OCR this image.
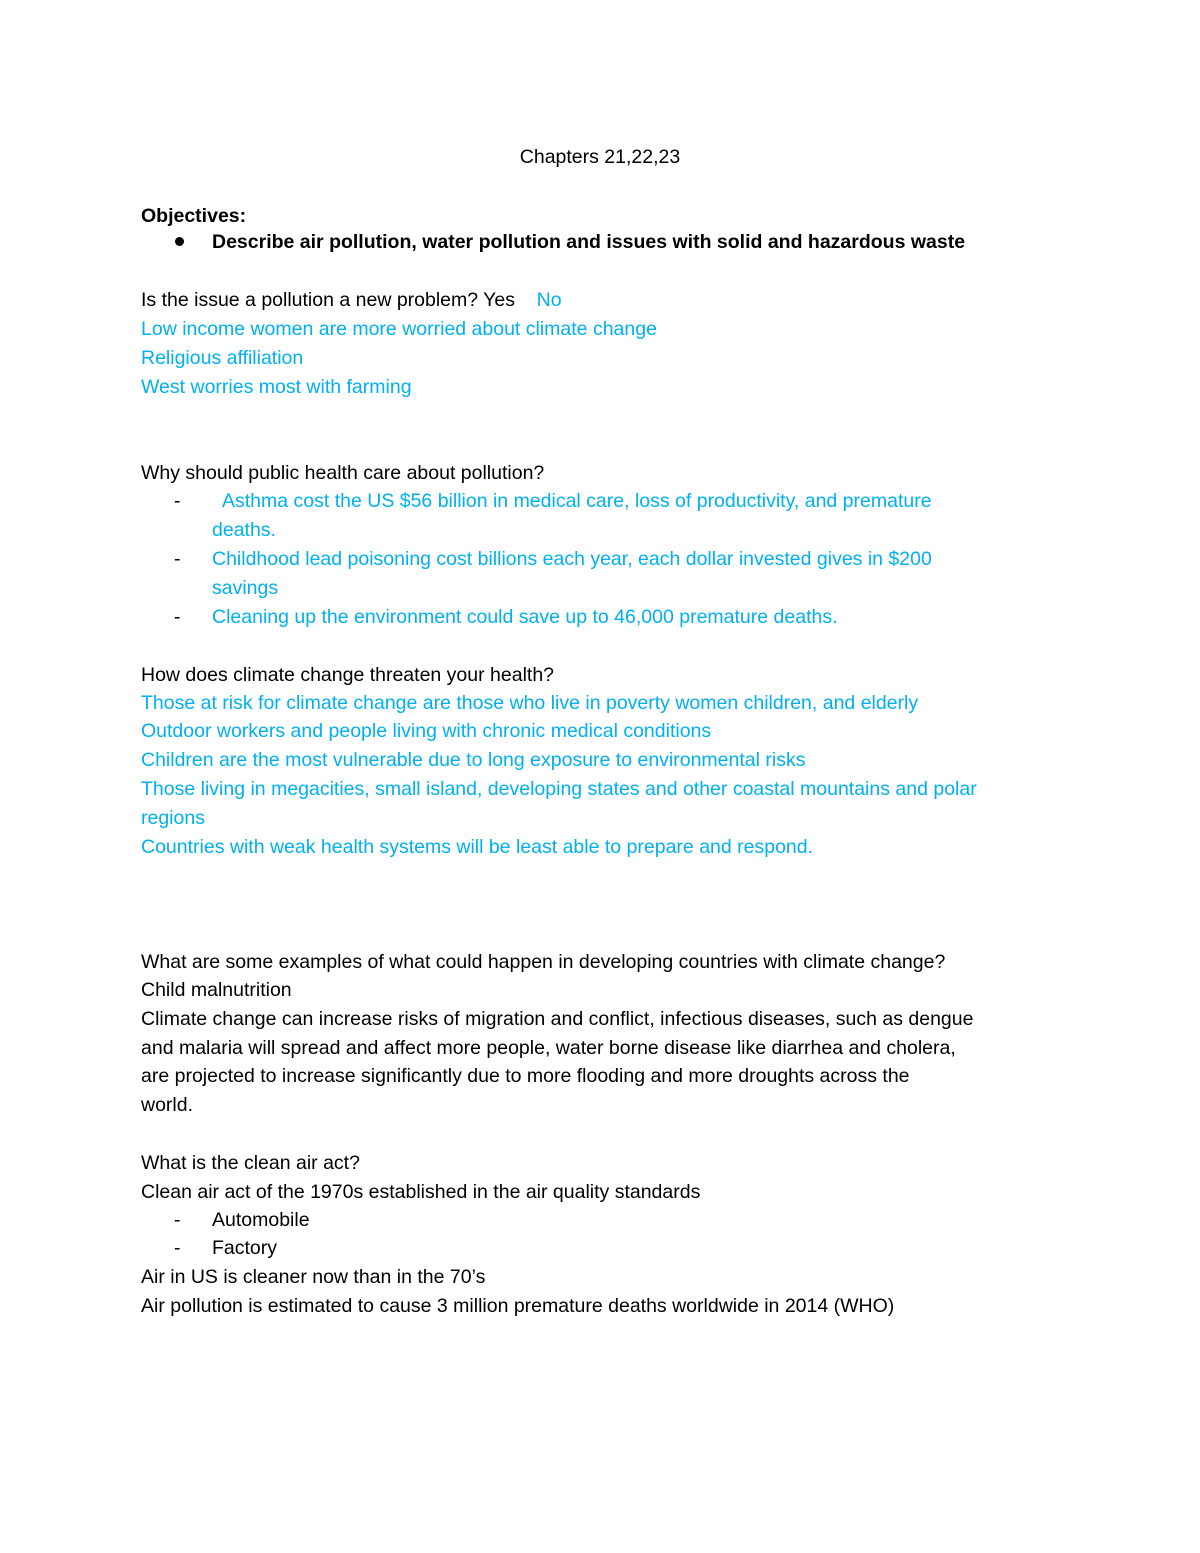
Chapters 21,22,23
Objectives:
Describe air pollution, water pollution and issues with solid and hazardous waste
Is the issue a pollution a new problem? Yes No
Low income women are more worried about climate change
Religious affiliation
West worries most with farming
Why should public health care about pollution?
- Asthma cost the US $56 billion in medical care, loss of productivity, and premature
deaths.
- Childhood lead poisoning cost billions each year, each dollar invested gives in $200
savings
- Cleaning up the environment could save up to 46,000 premature deaths.
How does climate change threaten your health?
Those at risk for climate change are those who live in poverty women children, and elderly
Outdoor workers and people living with chronic medical conditions
Children are the most vulnerable due to long exposure to environmental risks
Those living in megacities, small island, developing states and other coastal mountains and polar
regions
Countries with weak health systems will be least able to prepare and respond.
What are some examples of what could happen in developing countries with climate change?
Child malnutrition
Climate change can increase risks of migration and conflict, infectious diseases, such as dengue
and malaria will spread and affect more people, water borne disease like diarrhea and cholera,
are projected to increase significantly due to more flooding and more droughts across the
world.
What is the clean air act?
Clean air act of the 1970s established in the air quality standards
- Automobile
- Factory
Air in US is cleaner now than in the 70’s
Air pollution is estimated to cause 3 million premature deaths worldwide in 2014 (WHO)
